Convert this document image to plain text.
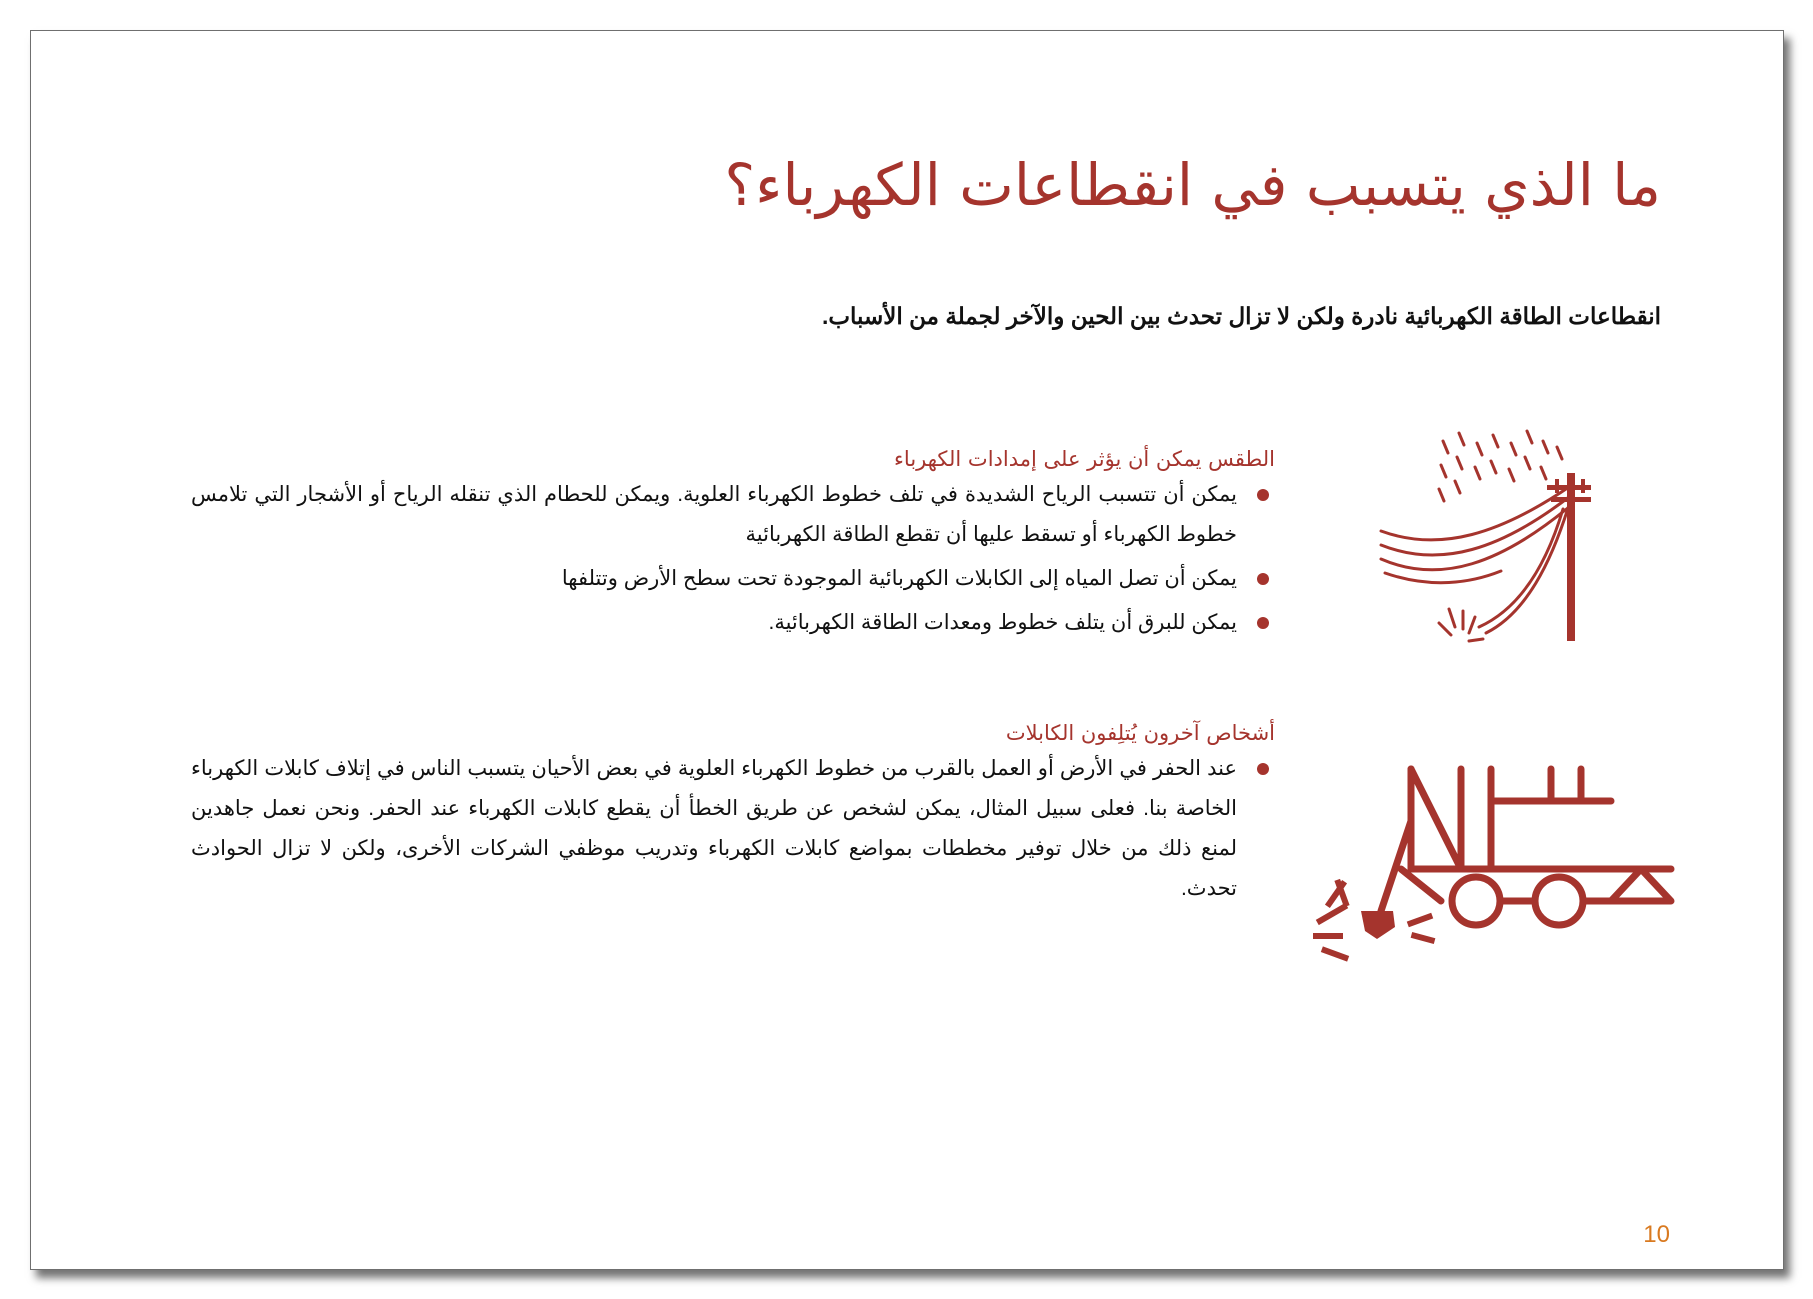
ما الذي يتسبب في انقطاعات الكهرباء؟

انقطاعات الطاقة الكهربائية نادرة ولكن لا تزال تحدث بين الحين والآخر لجملة من الأسباب.

الطقس يمكن أن يؤثر على إمدادات الكهرباء
يمكن أن تتسبب الرياح الشديدة في تلف خطوط الكهرباء العلوية. ويمكن للحطام الذي تنقله الرياح أو الأشجار التي تلامس خطوط الكهرباء أو تسقط عليها أن تقطع الطاقة الكهربائية
يمكن أن تصل المياه إلى الكابلات الكهربائية الموجودة تحت سطح الأرض وتتلفها
يمكن للبرق أن يتلف خطوط ومعدات الطاقة الكهربائية.
أشخاص آخرون يُتلِفون الكابلات
عند الحفر في الأرض أو العمل بالقرب من خطوط الكهرباء العلوية في بعض الأحيان يتسبب الناس في إتلاف كابلات الكهرباء الخاصة بنا. فعلى سبيل المثال، يمكن لشخص عن طريق الخطأ أن يقطع كابلات الكهرباء عند الحفر. ونحن نعمل جاهدين لمنع ذلك من خلال توفير مخططات بمواضع كابلات الكهرباء وتدريب موظفي الشركات الأخرى، ولكن لا تزال الحوادث تحدث.
10
